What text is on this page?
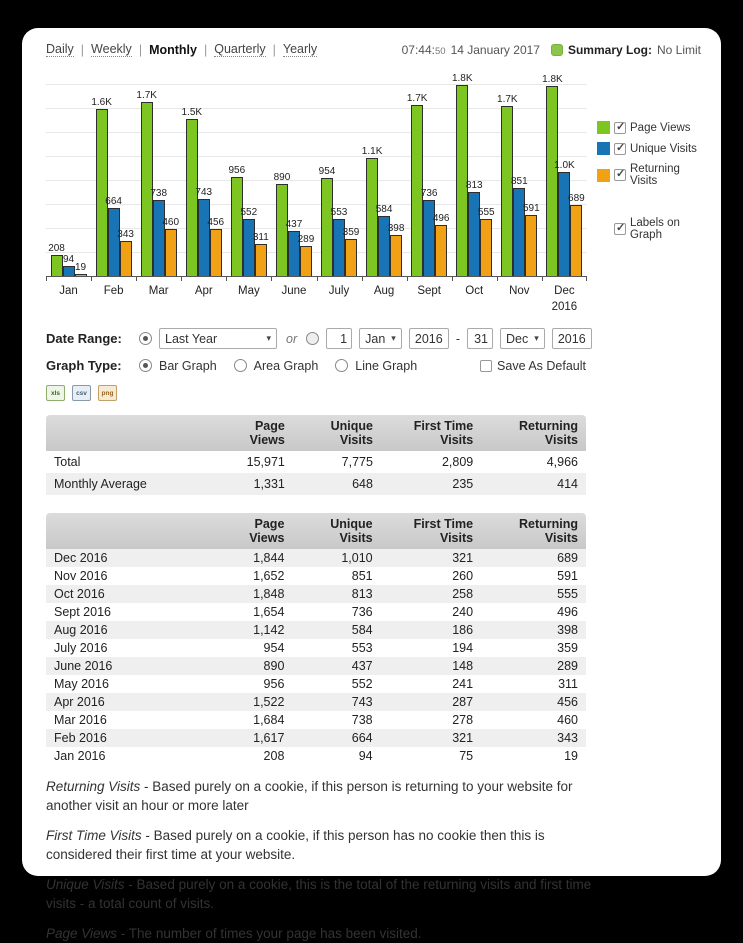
Daily | Weekly | Monthly | Quarterly | Yearly	07:44:50 14 January 2017 Summary Log: No Limit
208
94
19
1.6K
664
343
1.7K
738
460
1.5K
743
456
956
552
311
890
437
289
954
553
359
1.1K
584
398
1.7K
736
496
1.8K
813
555
1.7K
851
591
1.8K
1.0K
689
Jan	Feb	Mar	Apr	May	June	July	Aug	Sept	Oct	Nov	Dec
2016
✓
Page Views
✓
Unique Visits
✓
Returning Visits
✓
Labels on Graph
Date Range:	Last Year	▾ or	1	Jan ▾	2016	-	31	Dec ▾	2016
Graph Type:	Bar Graph	Area Graph	Line Graph	Save As Default
xls	csv	png
	Page Views	Unique Visits	First Time Visits	Returning Visits
Total	15,971	7,775	2,809	4,966
Monthly Average	1,331	648	235	414
	Page Views	Unique Visits	First Time Visits	Returning Visits
Dec 2016	1,844	1,010	321	689
Nov 2016	1,652	851	260	591
Oct 2016	1,848	813	258	555
Sept 2016	1,654	736	240	496
Aug 2016	1,142	584	186	398
July 2016	954	553	194	359
June 2016	890	437	148	289
May 2016	956	552	241	311
Apr 2016	1,522	743	287	456
Mar 2016	1,684	738	278	460
Feb 2016	1,617	664	321	343
Jan 2016	208	94	75	19

Returning Visits - Based purely on a cookie, if this person is returning to your website for another visit an hour or more later

First Time Visits - Based purely on a cookie, if this person has no cookie then this is considered their first time at your website.

Unique Visits - Based purely on a cookie, this is the total of the returning visits and first time visits - a total count of visits.

Page Views - The number of times your page has been visited.
